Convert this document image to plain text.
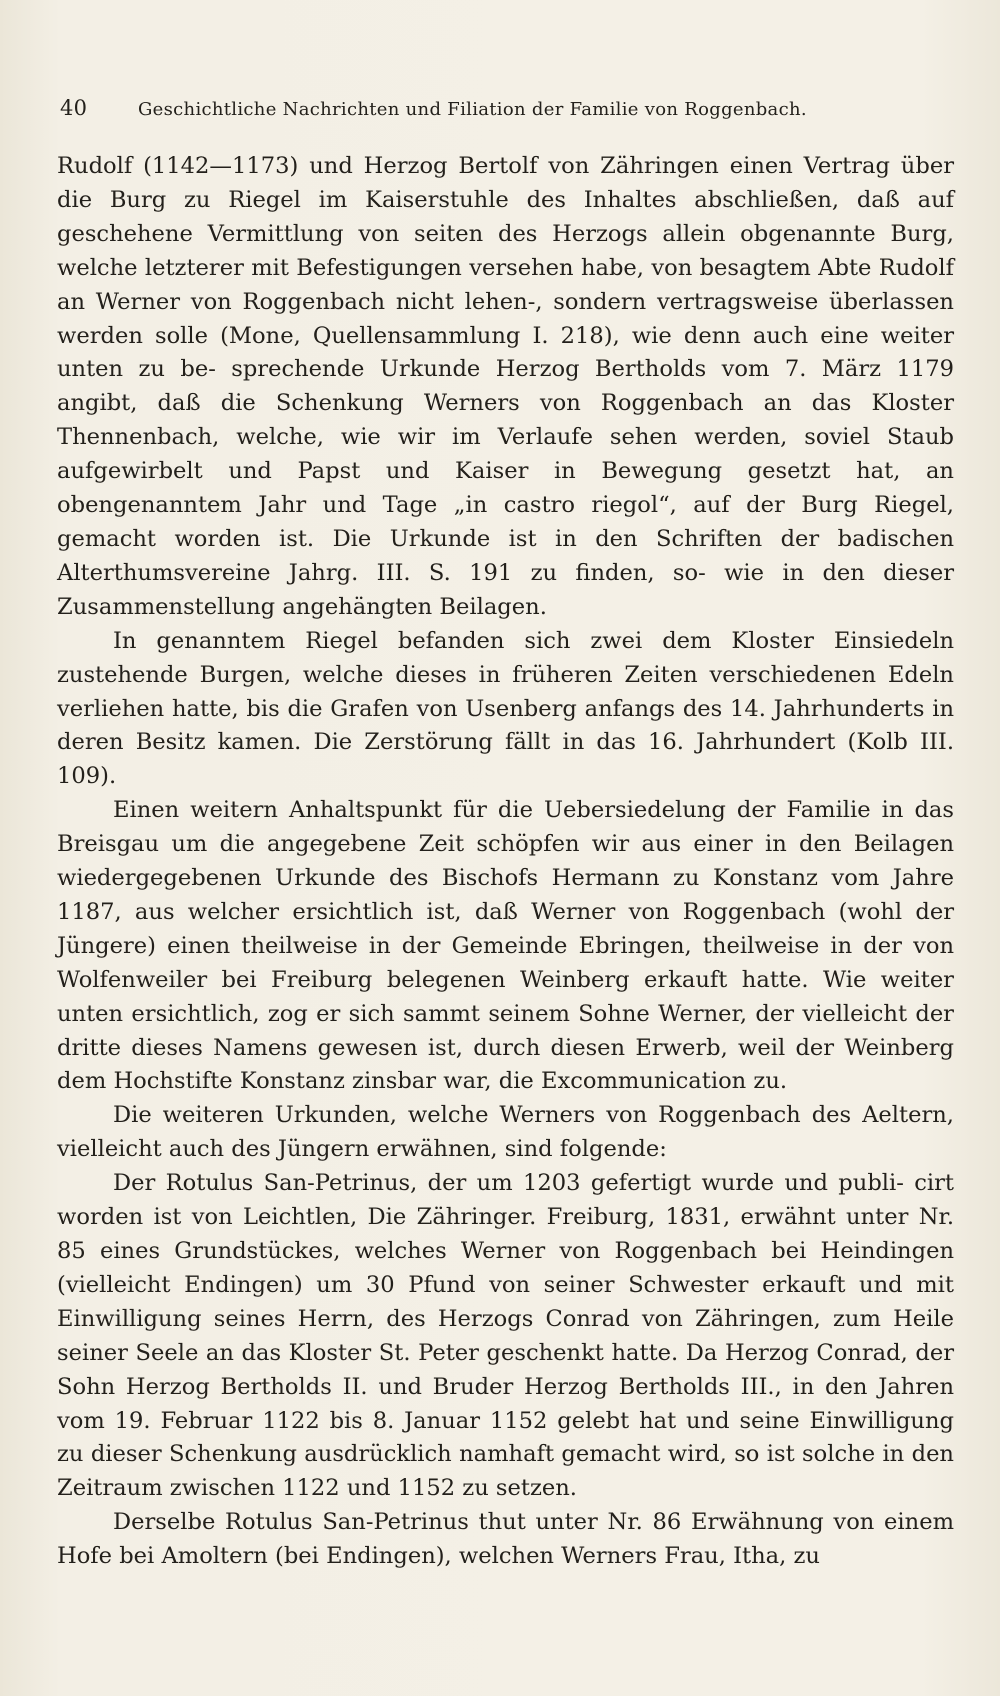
40	Geschichtliche Nachrichten und Filiation der Familie von Roggenbach.

Rudolf (1142—1173) und Herzog Bertolf von Zähringen einen Vertrag über die Burg zu Riegel im Kaiserstuhle des Inhaltes abschließen, daß auf geschehene Vermittlung von seiten des Herzogs allein obgenannte Burg, welche letzterer mit Befestigungen versehen habe, von besagtem Abte Rudolf an Werner von Roggenbach nicht lehen-, sondern vertragsweise überlassen werden solle (Mone, Quellensammlung I. 218), wie denn auch eine weiter unten zu be- sprechende Urkunde Herzog Bertholds vom 7. März 1179 angibt, daß die Schenkung Werners von Roggenbach an das Kloster Thennenbach, welche, wie wir im Verlaufe sehen werden, soviel Staub aufgewirbelt und Papst und Kaiser in Bewegung gesetzt hat, an obengenanntem Jahr und Tage „in castro riegol“, auf der Burg Riegel, gemacht worden ist. Die Urkunde ist in den Schriften der badischen Alterthumsvereine Jahrg. III. S. 191 zu finden, so- wie in den dieser Zusammenstellung angehängten Beilagen.

In genanntem Riegel befanden sich zwei dem Kloster Einsiedeln zustehende Burgen, welche dieses in früheren Zeiten verschiedenen Edeln verliehen hatte, bis die Grafen von Usenberg anfangs des 14. Jahrhunderts in deren Besitz kamen. Die Zerstörung fällt in das 16. Jahrhundert (Kolb III. 109).

Einen weitern Anhaltspunkt für die Uebersiedelung der Familie in das Breisgau um die angegebene Zeit schöpfen wir aus einer in den Beilagen wiedergegebenen Urkunde des Bischofs Hermann zu Konstanz vom Jahre 1187, aus welcher ersichtlich ist, daß Werner von Roggenbach (wohl der Jüngere) einen theilweise in der Gemeinde Ebringen, theilweise in der von Wolfenweiler bei Freiburg belegenen Weinberg erkauft hatte. Wie weiter unten ersichtlich, zog er sich sammt seinem Sohne Werner, der vielleicht der dritte dieses Namens gewesen ist, durch diesen Erwerb, weil der Weinberg dem Hochstifte Konstanz zinsbar war, die Excommunication zu.

Die weiteren Urkunden, welche Werners von Roggenbach des Aeltern, vielleicht auch des Jüngern erwähnen, sind folgende:

Der Rotulus San-Petrinus, der um 1203 gefertigt wurde und publi- cirt worden ist von Leichtlen, Die Zähringer. Freiburg, 1831, erwähnt unter Nr. 85 eines Grundstückes, welches Werner von Roggenbach bei Heindingen (vielleicht Endingen) um 30 Pfund von seiner Schwester erkauft und mit Einwilligung seines Herrn, des Herzogs Conrad von Zähringen, zum Heile seiner Seele an das Kloster St. Peter geschenkt hatte. Da Herzog Conrad, der Sohn Herzog Bertholds II. und Bruder Herzog Bertholds III., in den Jahren vom 19. Februar 1122 bis 8. Januar 1152 gelebt hat und seine Einwilligung zu dieser Schenkung ausdrücklich namhaft gemacht wird, so ist solche in den Zeitraum zwischen 1122 und 1152 zu setzen.

Derselbe Rotulus San-Petrinus thut unter Nr. 86 Erwähnung von einem Hofe bei Amoltern (bei Endingen), welchen Werners Frau, Itha, zu
